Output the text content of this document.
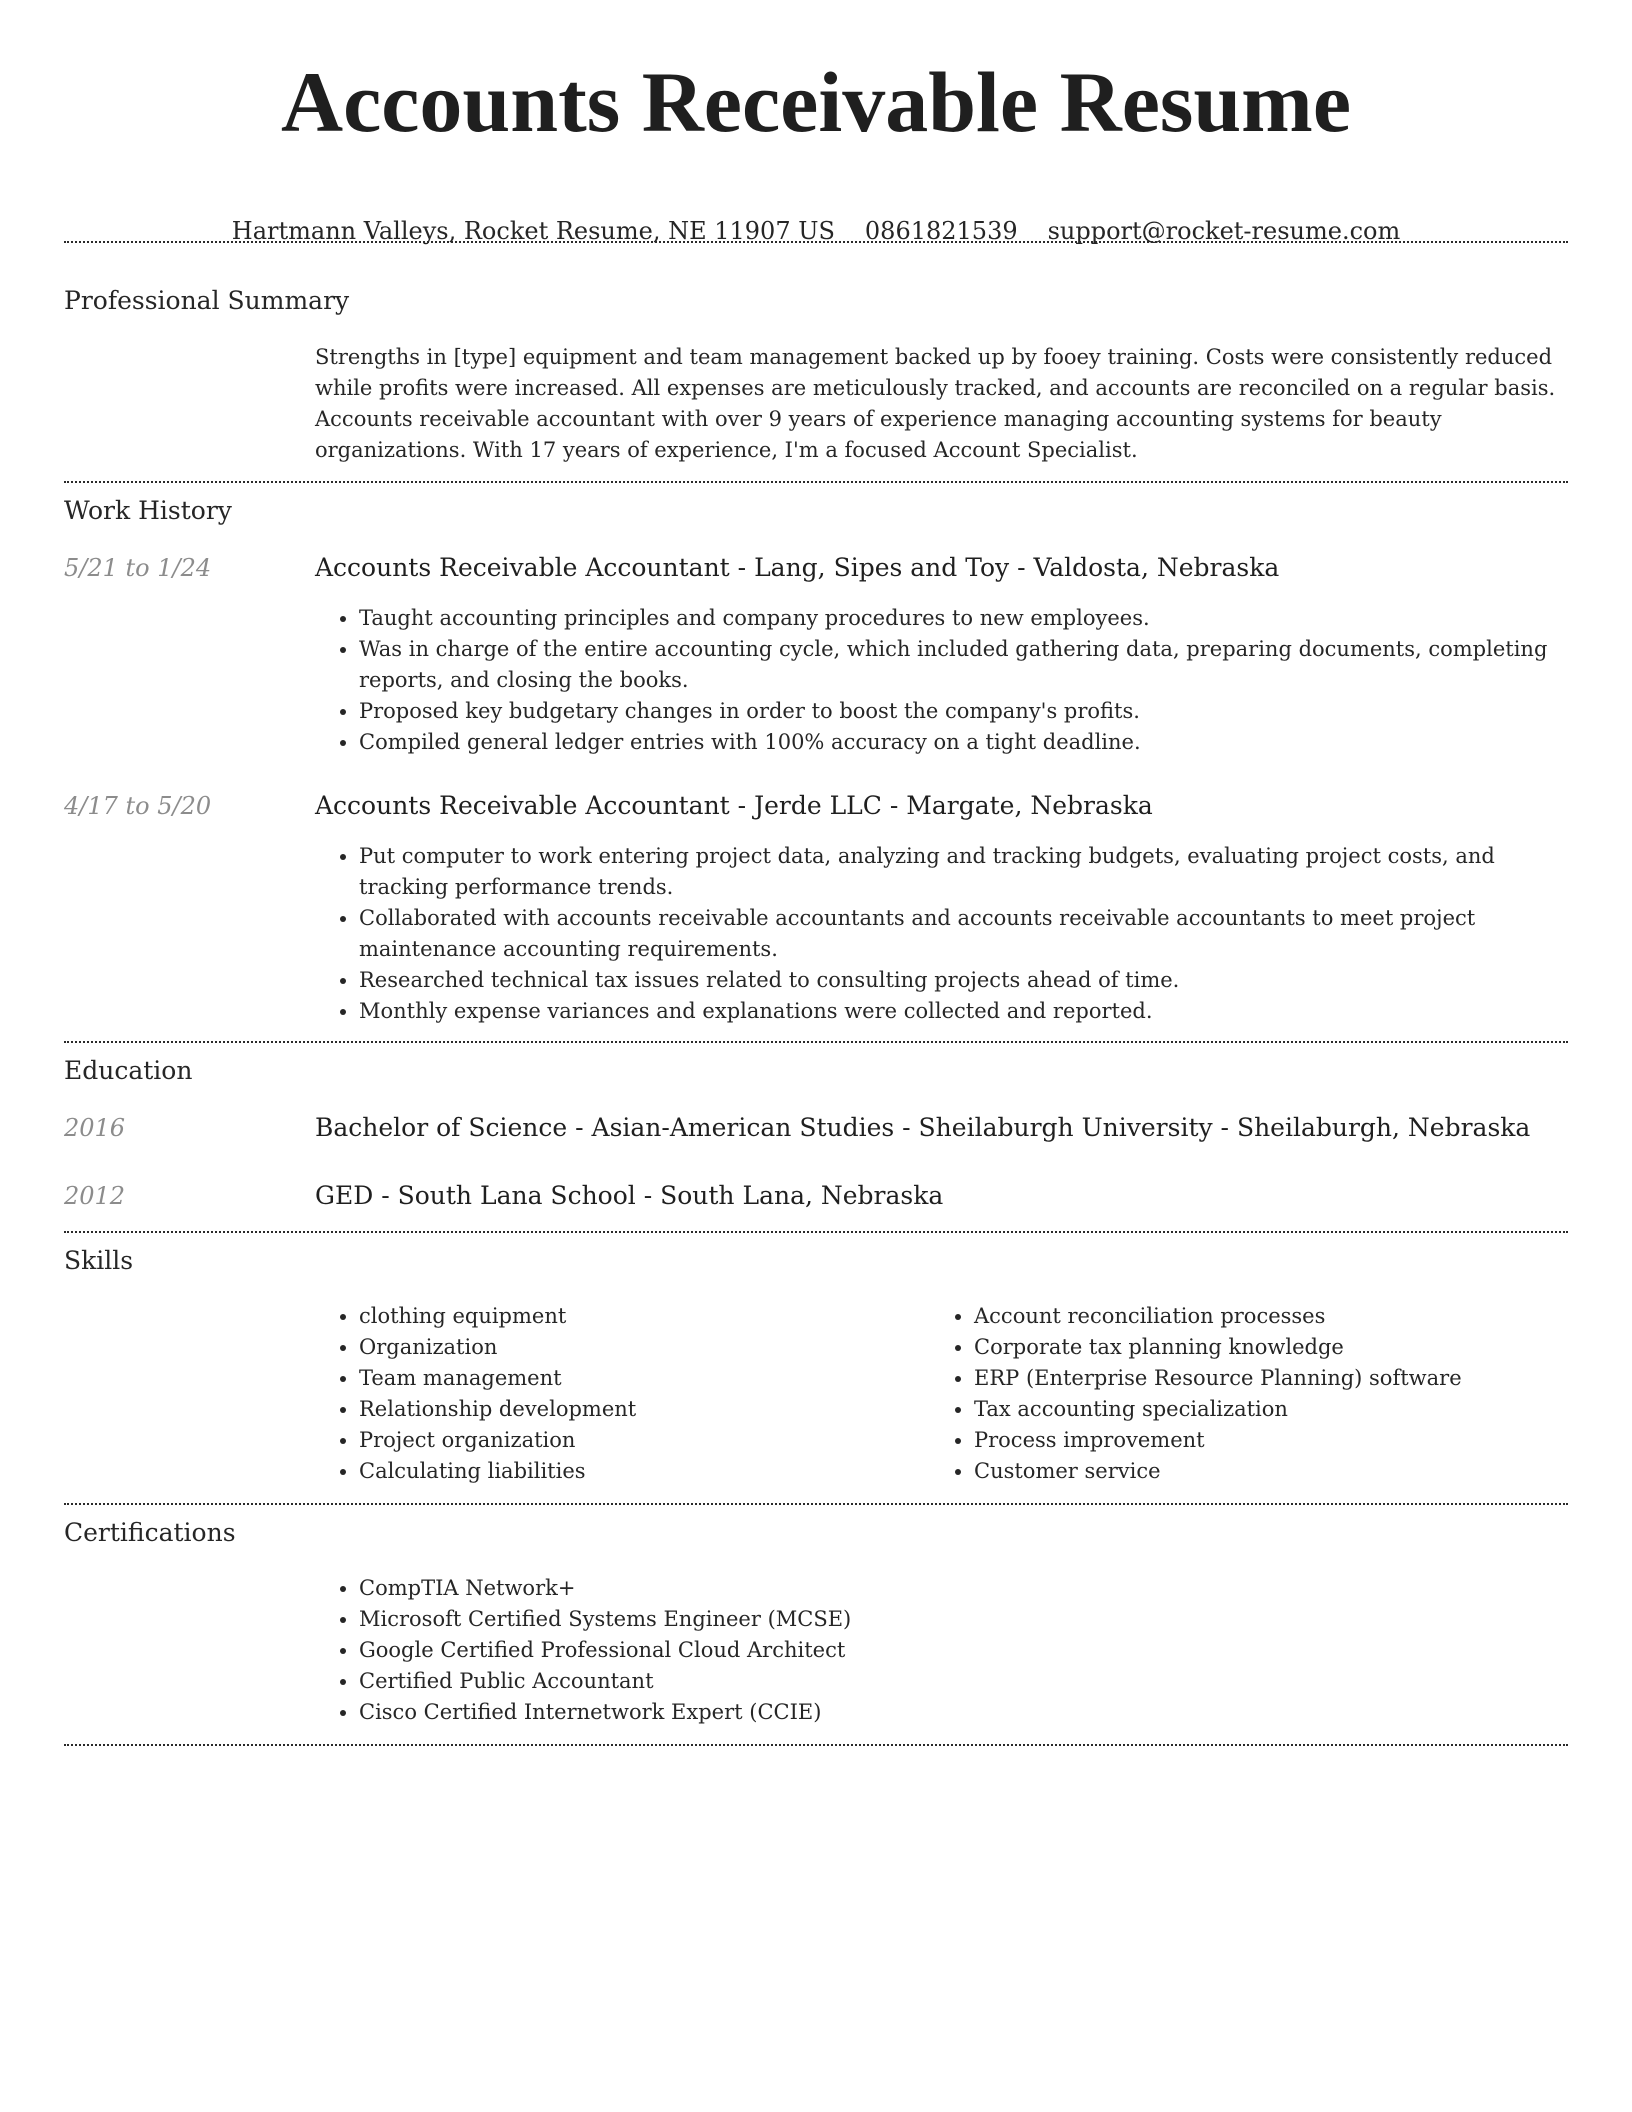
Accounts Receivable Resume
Hartmann Valleys, Rocket Resume, NE 11907 US 0861821539 support@rocket-resume.com
Professional Summary
Strengths in [type] equipment and team management backed up by fooey training. Costs were consistently reduced while profits were increased. All expenses are meticulously tracked, and accounts are reconciled on a regular basis. Accounts receivable accountant with over 9 years of experience managing accounting systems for beauty organizations. With 17 years of experience, I'm a focused Account Specialist.
Work History
5/21 to 1/24	Accounts Receivable Accountant - Lang, Sipes and Toy - Valdosta, Nebraska
• Taught accounting principles and company procedures to new employees.
• Was in charge of the entire accounting cycle, which included gathering data, preparing documents, completing reports, and closing the books.
• Proposed key budgetary changes in order to boost the company's profits.
• Compiled general ledger entries with 100% accuracy on a tight deadline.
4/17 to 5/20	Accounts Receivable Accountant - Jerde LLC - Margate, Nebraska
• Put computer to work entering project data, analyzing and tracking budgets, evaluating project costs, and tracking performance trends.
• Collaborated with accounts receivable accountants and accounts receivable accountants to meet project maintenance accounting requirements.
• Researched technical tax issues related to consulting projects ahead of time.
• Monthly expense variances and explanations were collected and reported.
Education
2016	Bachelor of Science - Asian-American Studies - Sheilaburgh University - Sheilaburgh, Nebraska
2012	GED - South Lana School - South Lana, Nebraska
Skills
• clothing equipment
• Organization
• Team management
• Relationship development
• Project organization
• Calculating liabilities
• Account reconciliation processes
• Corporate tax planning knowledge
• ERP (Enterprise Resource Planning) software
• Tax accounting specialization
• Process improvement
• Customer service
Certifications
• CompTIA Network+
• Microsoft Certified Systems Engineer (MCSE)
• Google Certified Professional Cloud Architect
• Certified Public Accountant
• Cisco Certified Internetwork Expert (CCIE)
